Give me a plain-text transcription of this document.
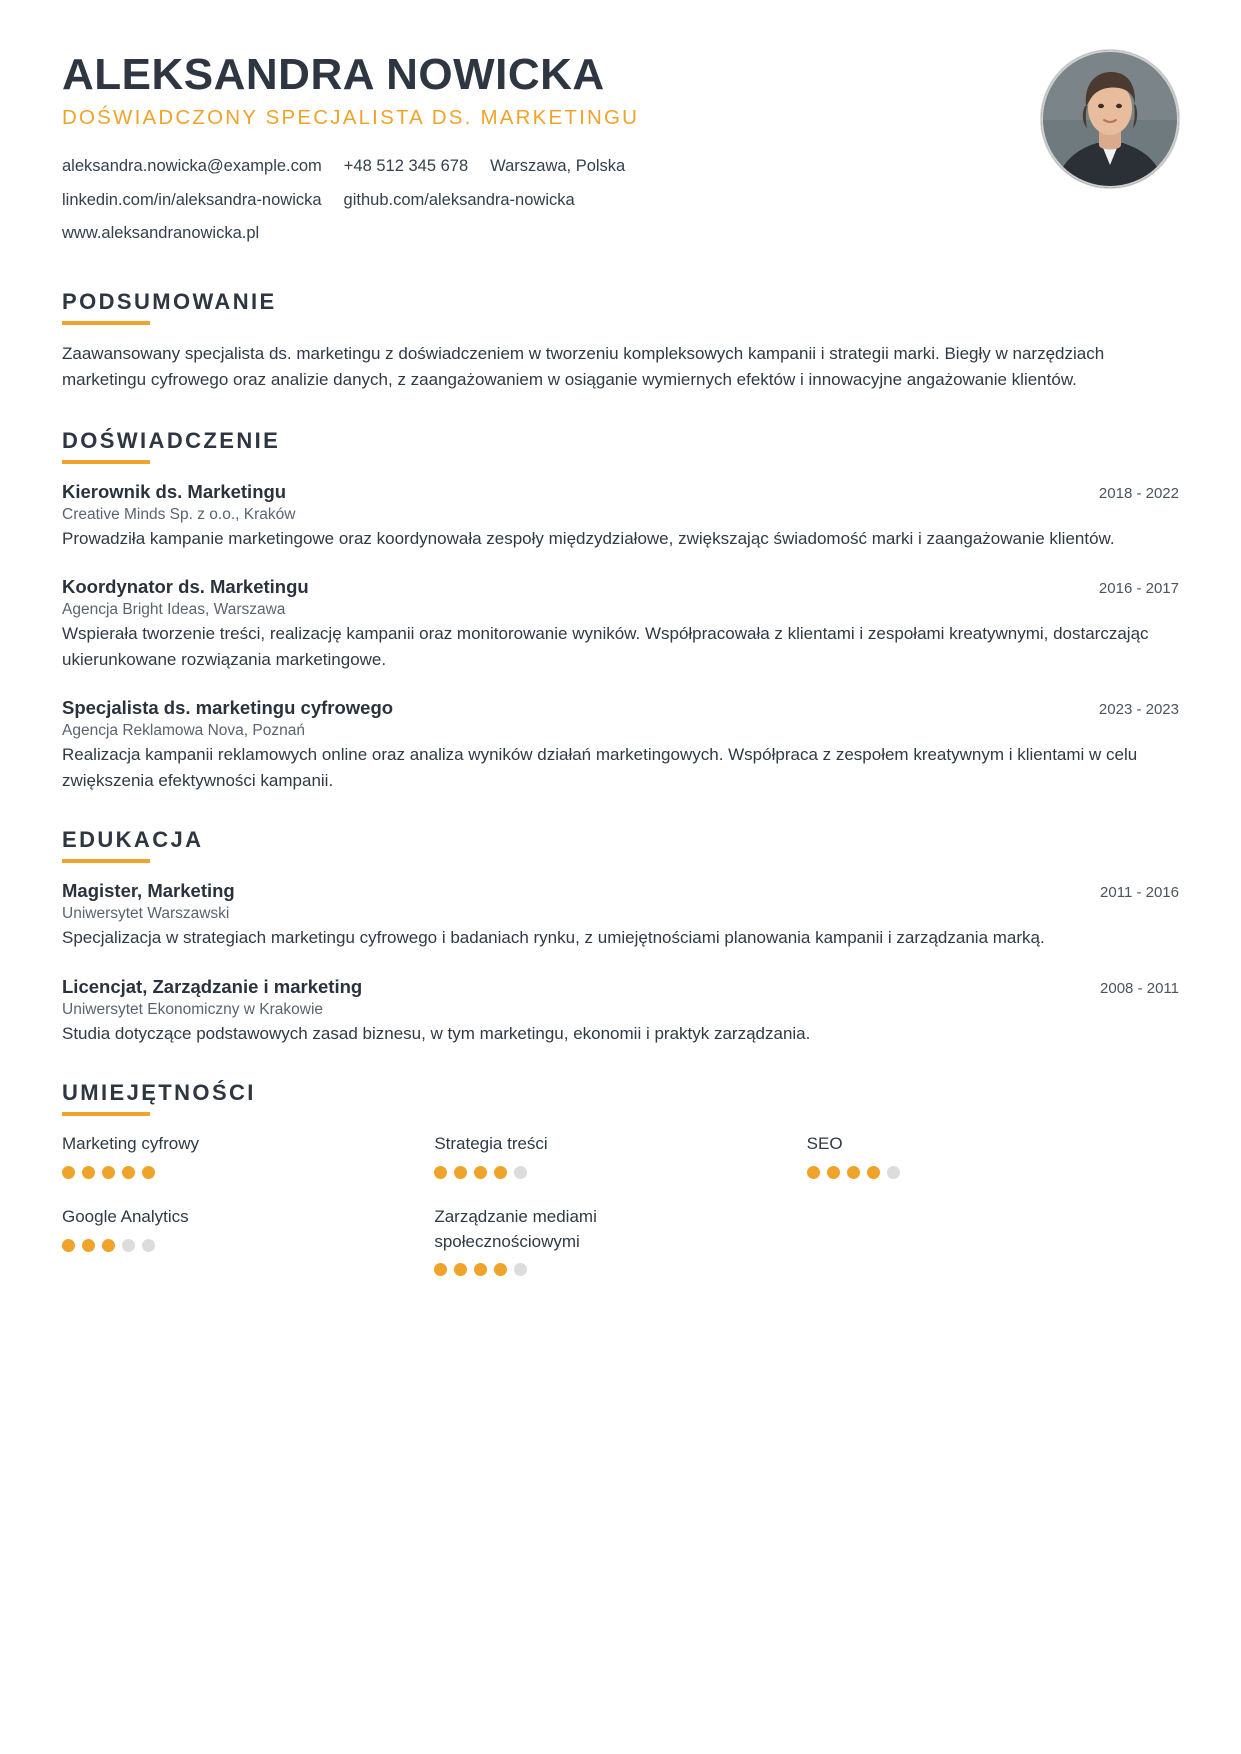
ALEKSANDRA NOWICKA
DOŚWIADCZONY SPECJALISTA DS. MARKETINGU
aleksandra.nowicka@example.com +48 512 345 678 Warszawa, Polska
linkedin.com/in/aleksandra-nowicka github.com/aleksandra-nowicka
www.aleksandranowicka.pl
PODSUMOWANIE

Zaawansowany specjalista ds. marketingu z doświadczeniem w tworzeniu kompleksowych kampanii i strategii marki. Biegły w narzędziach marketingu cyfrowego oraz analizie danych, z zaangażowaniem w osiąganie wymiernych efektów i innowacyjne angażowanie klientów.

DOŚWIADCZENIE
Kierownik ds. Marketingu	2018 - 2022
Creative Minds Sp. z o.o., Kraków

Prowadziła kampanie marketingowe oraz koordynowała zespoły międzydziałowe, zwiększając świadomość marki i zaangażowanie klientów.

Koordynator ds. Marketingu	2016 - 2017
Agencja Bright Ideas, Warszawa

Wspierała tworzenie treści, realizację kampanii oraz monitorowanie wyników. Współpracowała z klientami i zespołami kreatywnymi, dostarczając ukierunkowane rozwiązania marketingowe.

Specjalista ds. marketingu cyfrowego	2023 - 2023
Agencja Reklamowa Nova, Poznań

Realizacja kampanii reklamowych online oraz analiza wyników działań marketingowych. Współpraca z zespołem kreatywnym i klientami w celu zwiększenia efektywności kampanii.

EDUKACJA
Magister, Marketing	2011 - 2016
Uniwersytet Warszawski

Specjalizacja w strategiach marketingu cyfrowego i badaniach rynku, z umiejętnościami planowania kampanii i zarządzania marką.

Licencjat, Zarządzanie i marketing	2008 - 2011
Uniwersytet Ekonomiczny w Krakowie

Studia dotyczące podstawowych zasad biznesu, w tym marketingu, ekonomii i praktyk zarządzania.

UMIEJĘTNOŚCI
Marketing cyfrowy	Strategia treści	SEO
Google Analytics	Zarządzanie mediami społecznościowymi
